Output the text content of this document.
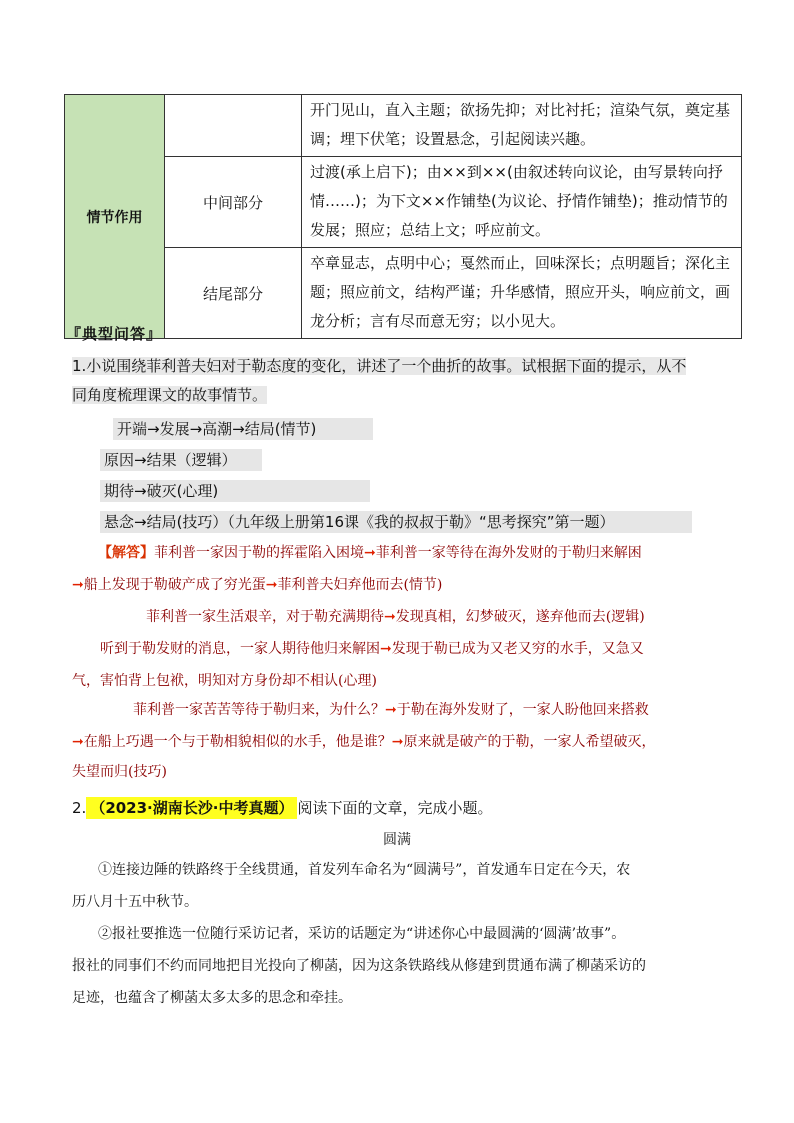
情节作用		开门见山，直入主题；欲扬先抑；对比衬托；渲染气氛，奠定基调；埋下伏笔；设置悬念，引起阅读兴趣。
	中间部分	过渡(承上启下)；由××到××(由叙述转向议论，由写景转向抒情……)；为下文××作铺垫(为议论、抒情作铺垫)；推动情节的发展；照应；总结上文；呼应前文。
	结尾部分	卒章显志，点明中心；戛然而止，回味深长；点明题旨；深化主题；照应前文，结构严谨；升华感情，照应开头，响应前文，画龙分析；言有尽而意无穷；以小见大。
『典型问答』
1.小说围绕菲利普夫妇对于勒态度的变化，讲述了一个曲折的故事。试根据下面的提示，从不
同角度梳理课文的故事情节。
开端→发展→高潮→结局(情节)
原因→结果（逻辑）
期待→破灭(心理)
悬念→结局(技巧）（九年级上册第16课《我的叔叔于勒》“思考探究”第一题）
【解答】菲利普一家因于勒的挥霍陷入困境➞菲利普一家等待在海外发财的于勒归来解困
➞船上发现于勒破产成了穷光蛋➞菲利普夫妇弃他而去(情节)
菲利普一家生活艰辛，对于勒充满期待➞发现真相，幻梦破灭，遂弃他而去(逻辑)
听到于勒发财的消息，一家人期待他归来解困➞发现于勒已成为又老又穷的水手，又急又
气，害怕背上包袱，明知对方身份却不相认(心理)
菲利普一家苦苦等待于勒归来，为什么？➞于勒在海外发财了，一家人盼他回来搭救
➞在船上巧遇一个与于勒相貌相似的水手，他是谁？➞原来就是破产的于勒，一家人希望破灭，
失望而归(技巧)
2. （2023·湖南长沙·中考真题） 阅读下面的文章，完成小题。
圆满
①连接边陲的铁路终于全线贯通，首发列车命名为“圆满号”，首发通车日定在今天，农
历八月十五中秋节。
②报社要推选一位随行采访记者，采访的话题定为“讲述你心中最圆满的‘圆满’故事”。
报社的同事们不约而同地把目光投向了柳菡，因为这条铁路线从修建到贯通布满了柳菡采访的
足迹，也蕴含了柳菡太多太多的思念和牵挂。
